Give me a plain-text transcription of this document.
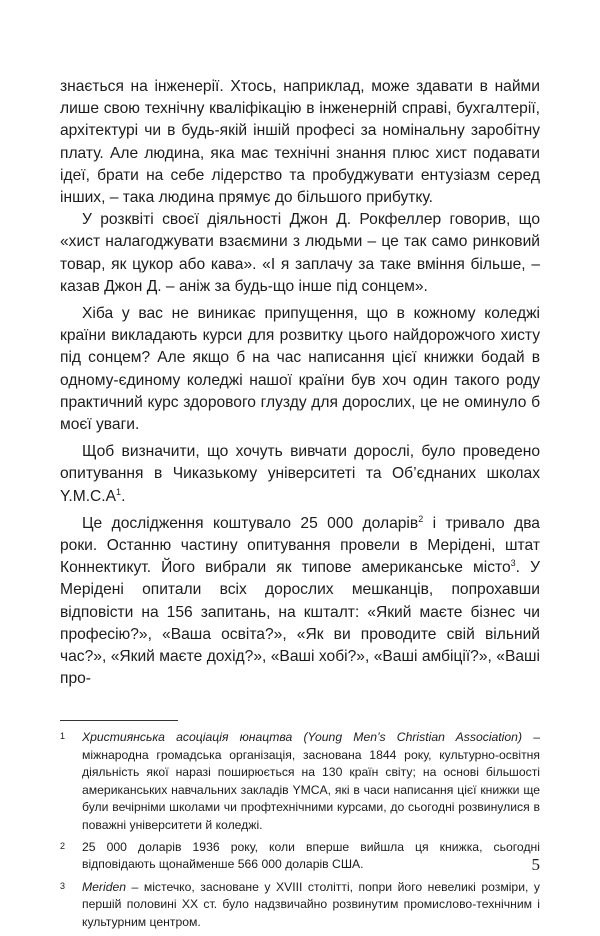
знається на інженерії. Хтось, наприклад, може здавати в найми лише свою технічну кваліфікацію в інженерній справі, бухгалтерії, архітектурі чи в будь-якій іншій професі за номінальну заробітну плату. Але людина, яка має технічні знання плюс хист подавати ідеї, брати на себе лідерство та пробуджувати ентузіазм серед інших, – така людина прямує до більшого прибутку.

У розквіті своєї діяльності Джон Д. Рокфеллер говорив, що «хист налагоджувати взаємини з людьми – це так само ринковий товар, як цукор або кава». «І я заплачу за таке вміння більше, – казав Джон Д. – аніж за будь-що інше під сонцем».

Хіба у вас не виникає припущення, що в кожному коледжі країни викладають курси для розвитку цього найдорожчого хисту під сонцем? Але якщо б на час написання цієї книжки бодай в одному-єдиному коледжі нашої країни був хоч один такого роду практичний курс здорового глузду для дорослих, це не оминуло б моєї уваги.

Щоб визначити, що хочуть вивчати дорослі, було проведено опитування в Чиказькому університеті та Об’єднаних школах $Y.M.C.A^1$.

Це дослідження коштувало 25 000 доларів$^2$ і тривало два роки. Останню частину опитування провели в Мерідені, штат Коннектикут. Його вибрали як типове американське місто$^3$. У Мерідені опитали всіх дорослих мешканців, попрохавши відповісти на 156 запитань, на кшталт: «Який маєте бізнес чи професію?», «Ваша освіта?», «Як ви проводите свій вільний час?», «Який маєте дохід?», «Ваші хобі?», «Ваші амбіції?», «Ваші про-

1	Християнська асоціація юнацтва (Young Men’s Christian Association) – міжнародна громадська організація, заснована 1844 року, культурно-освітня діяльність якої наразі поширюється на 130 країн світу; на основі більшості американських навчальних закладів YMCA, які в часи написання цієї книжки ще були вечірніми школами чи профтехнічними курсами, до сьогодні розвинулися в поважні університети й коледжі.
2	25 000 доларів 1936 року, коли вперше вийшла ця книжка, сьогодні відповідають щонайменше 566 000 доларів США.
3	Meriden – містечко, засноване у XVIII столітті, попри його невеликі розміри, у першій половині XX ст. було надзвичайно розвинутим промислово-технічним і культурним центром.
5
